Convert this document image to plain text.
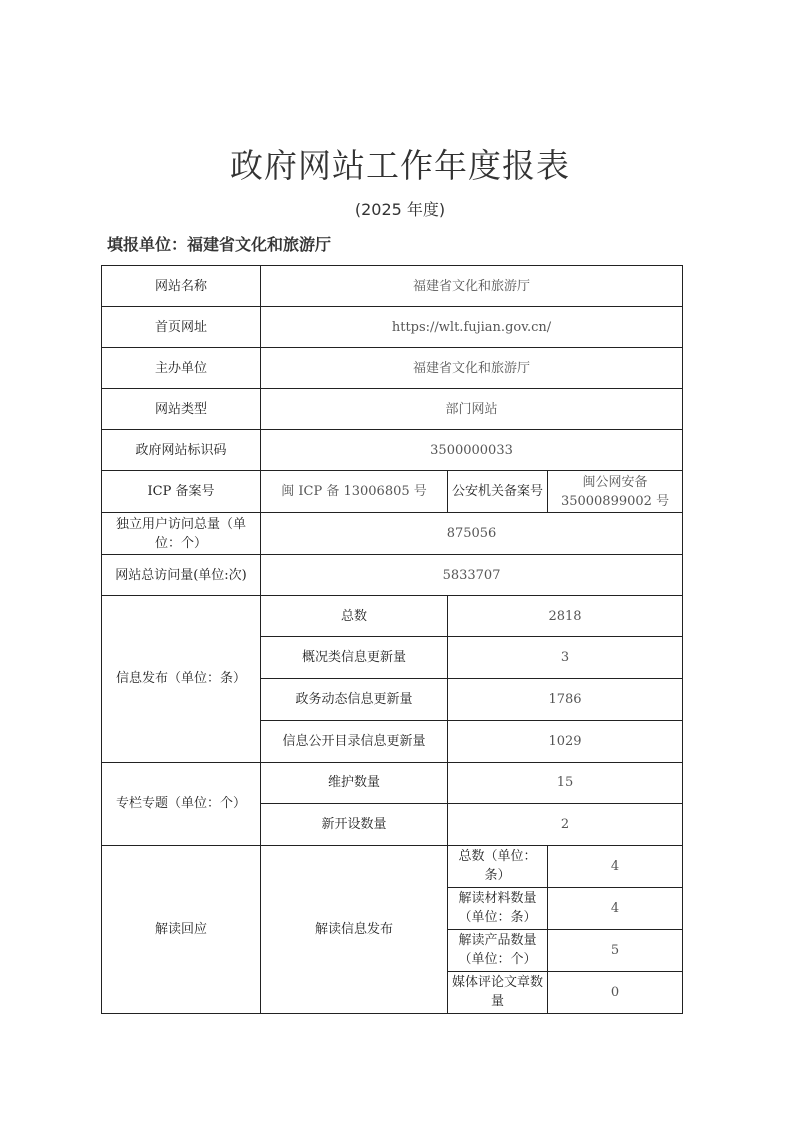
政府网站工作年度报表
(2025 年度)
填报单位：福建省文化和旅游厅
网站名称	福建省文化和旅游厅		
首页网址	https://wlt.fujian.gov.cn/		
主办单位	福建省文化和旅游厅		
网站类型	部门网站		
政府网站标识码	3500000033		
ICP 备案号	闽 ICP 备 13006805 号	公安机关备案号	闽公网安备 35000899002 号
独立用户访问总量（单位：个）	875056		
网站总访问量(单位:次)	5833707		
信息发布（单位：条）	总数	2818	
	概况类信息更新量	3	
	政务动态信息更新量	1786	
	信息公开目录信息更新量	1029	
专栏专题（单位：个）	维护数量	15	
	新开设数量	2	
解读回应	解读信息发布	总数（单位：条）	4
		解读材料数量（单位：条）	4
		解读产品数量（单位：个）	5
		媒体评论文章数量	0
